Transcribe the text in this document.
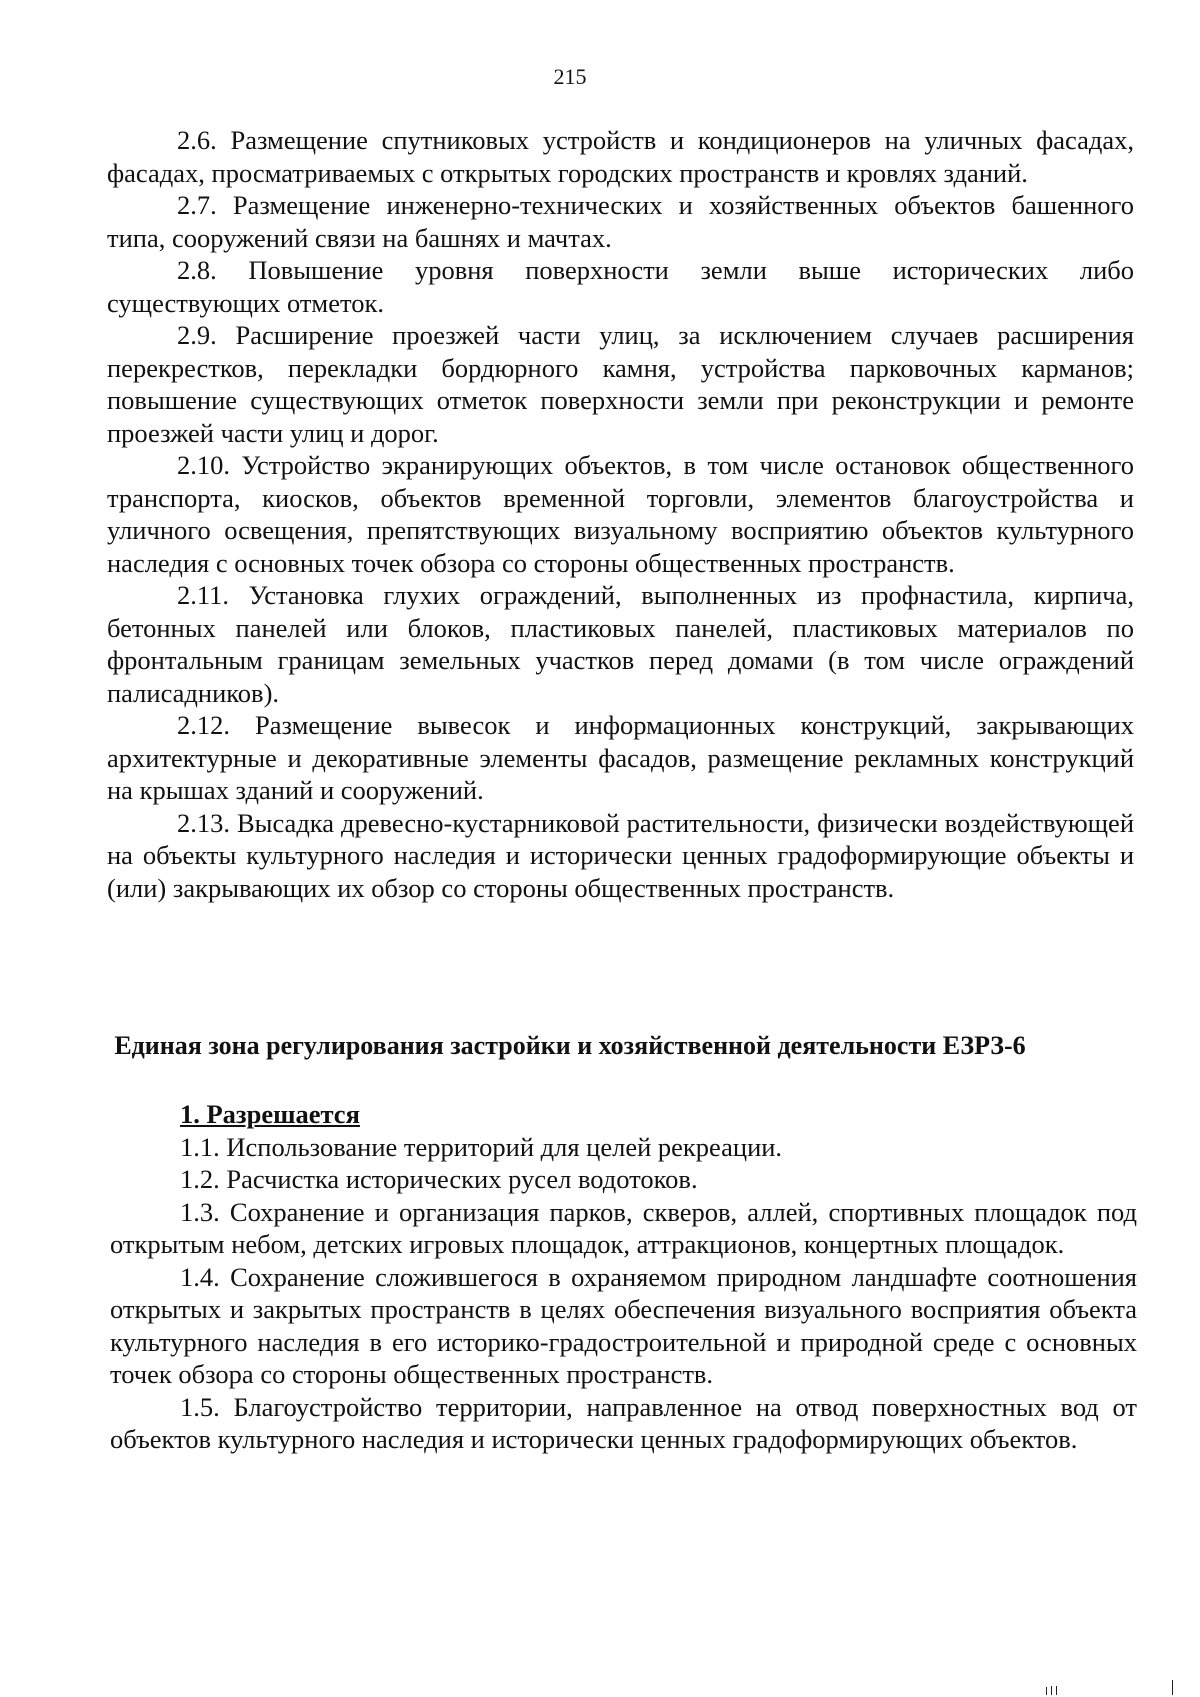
215

2.6. Размещение спутниковых устройств и кондиционеров на уличных фасадах, фасадах, просматриваемых с открытых городских пространств и кровлях зданий.

2.7. Размещение инженерно-технических и хозяйственных объектов башенного типа, сооружений связи на башнях и мачтах.

2.8. Повышение уровня поверхности земли выше исторических либо существующих отметок.

2.9. Расширение проезжей части улиц, за исключением случаев расширения перекрестков, перекладки бордюрного камня, устройства парковочных карманов; повышение существующих отметок поверхности земли при реконструкции и ремонте проезжей части улиц и дорог.

2.10. Устройство экранирующих объектов, в том числе остановок общественного транспорта, киосков, объектов временной торговли, элементов благоустройства и уличного освещения, препятствующих визуальному восприятию объектов культурного наследия с основных точек обзора со стороны общественных пространств.

2.11. Установка глухих ограждений, выполненных из профнастила, кирпича, бетонных панелей или блоков, пластиковых панелей, пластиковых материалов по фронтальным границам земельных участков перед домами (в том числе ограждений палисадников).

2.12. Размещение вывесок и информационных конструкций, закрывающих архитектурные и декоративные элементы фасадов, размещение рекламных конструкций на крышах зданий и сооружений.

2.13. Высадка древесно-кустарниковой растительности, физически воздействующей на объекты культурного наследия и исторически ценных градоформирующие объекты и (или) закрывающих их обзор со стороны общественных пространств.

Единая зона регулирования застройки и хозяйственной деятельности ЕЗРЗ-6

1. Разрешается

1.1. Использование территорий для целей рекреации.

1.2. Расчистка исторических русел водотоков.

1.3. Сохранение и организация парков, скверов, аллей, спортивных площадок под открытым небом, детских игровых площадок, аттракционов, концертных площадок.

1.4. Сохранение сложившегося в охраняемом природном ландшафте соотношения открытых и закрытых пространств в целях обеспечения визуального восприятия объекта культурного наследия в его историко-градостроительной и природной среде с основных точек обзора со стороны общественных пространств.

1.5. Благоустройство территории, направленное на отвод поверхностных вод от объектов культурного наследия и исторически ценных градоформирующих объектов.
